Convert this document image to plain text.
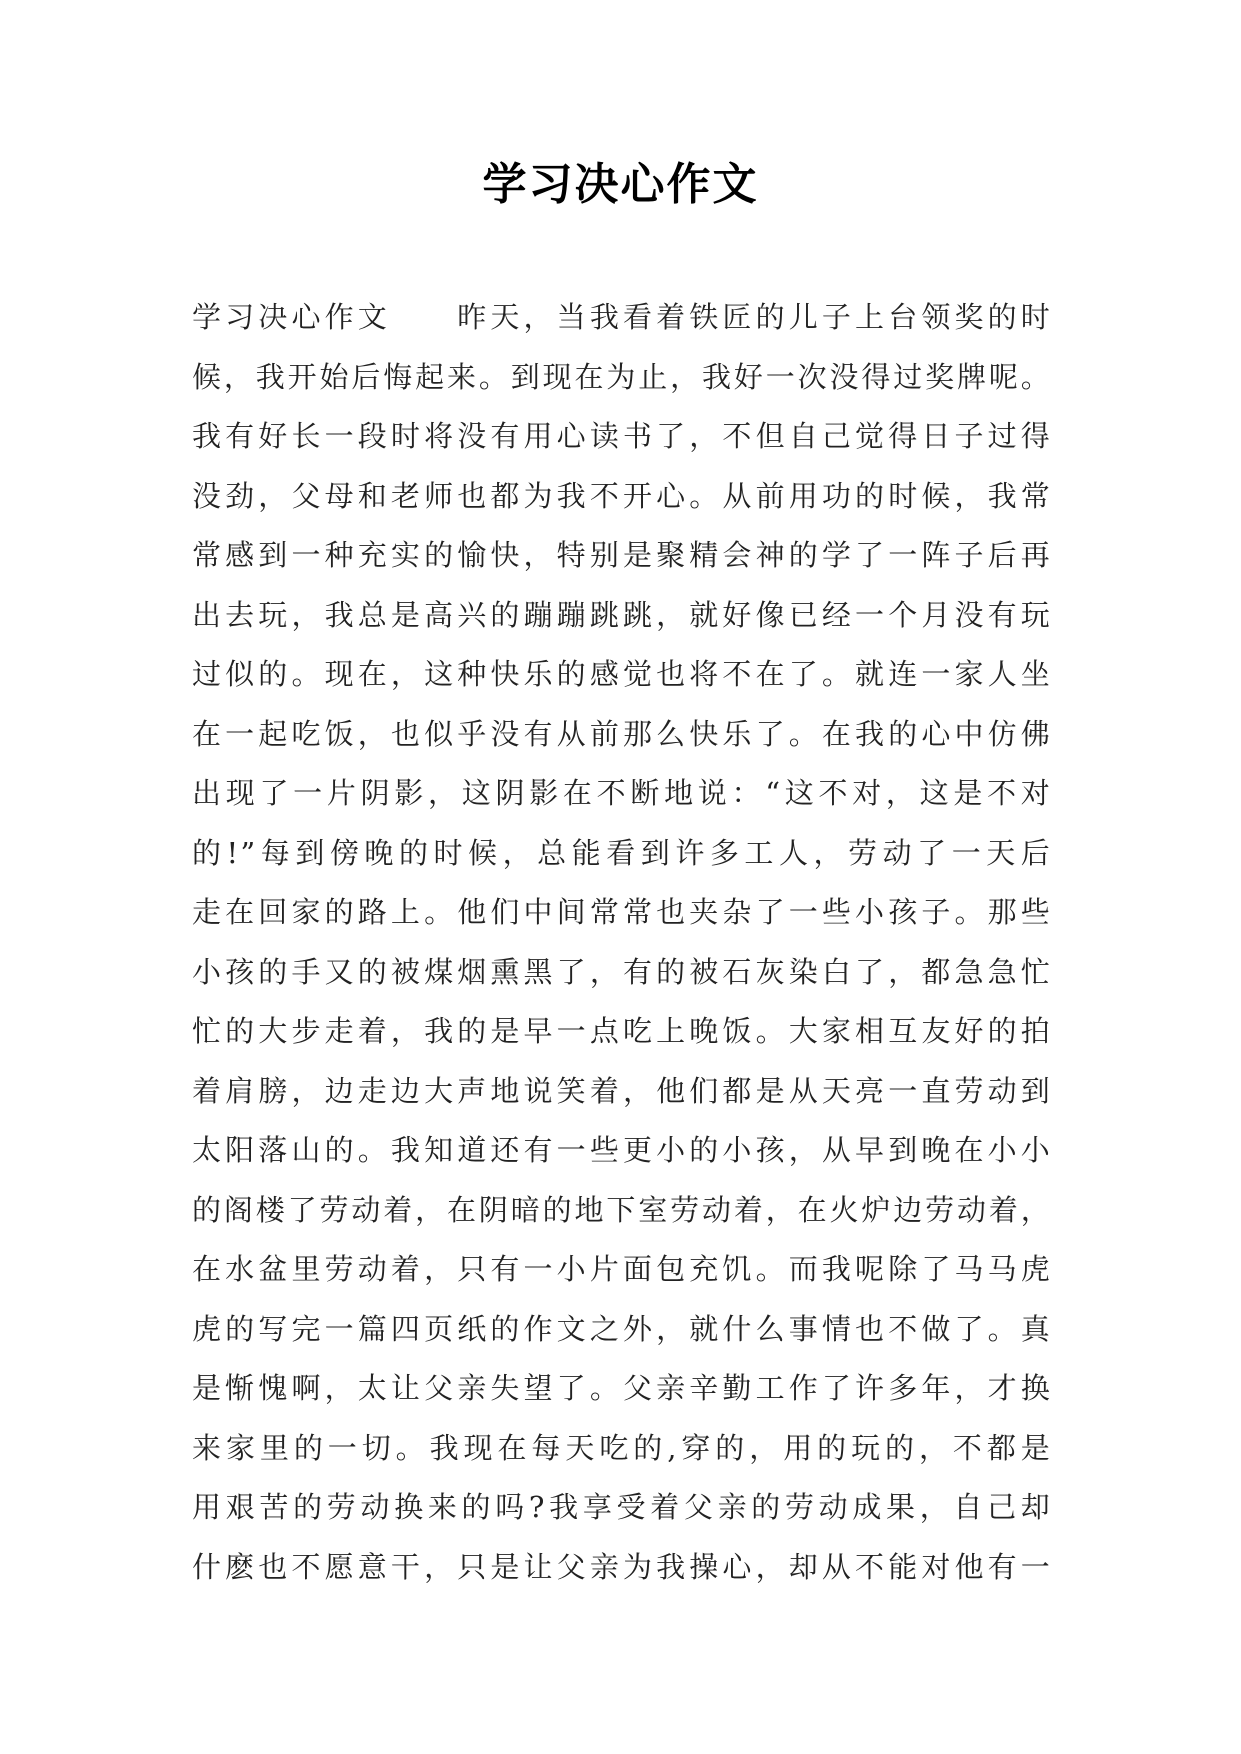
学习决心作文
学习决心作文　　昨天，当我看着铁匠的儿子上台领奖的时
候，我开始后悔起来。到现在为止，我好一次没得过奖牌呢。
我有好长一段时将没有用心读书了，不但自己觉得日子过得
没劲，父母和老师也都为我不开心。从前用功的时候，我常
常感到一种充实的愉快，特别是聚精会神的学了一阵子后再
出去玩，我总是高兴的蹦蹦跳跳，就好像已经一个月没有玩
过似的。现在，这种快乐的感觉也将不在了。就连一家人坐
在一起吃饭，也似乎没有从前那么快乐了。在我的心中仿佛
出现了一片阴影，这阴影在不断地说：“这不对，这是不对
的!”每到傍晚的时候，总能看到许多工人，劳动了一天后
走在回家的路上。他们中间常常也夹杂了一些小孩子。那些
小孩的手又的被煤烟熏黑了，有的被石灰染白了，都急急忙
忙的大步走着，我的是早一点吃上晚饭。大家相互友好的拍
着肩膀，边走边大声地说笑着，他们都是从天亮一直劳动到
太阳落山的。我知道还有一些更小的小孩，从早到晚在小小
的阁楼了劳动着，在阴暗的地下室劳动着，在火炉边劳动着，
在水盆里劳动着，只有一小片面包充饥。而我呢除了马马虎
虎的写完一篇四页纸的作文之外，就什么事情也不做了。真
是惭愧啊，太让父亲失望了。父亲辛勤工作了许多年，才换
来家里的一切。我现在每天吃的,穿的，用的玩的，不都是
用艰苦的劳动换来的吗?我享受着父亲的劳动成果，自己却
什麽也不愿意干，只是让父亲为我操心，却从不能对他有一
